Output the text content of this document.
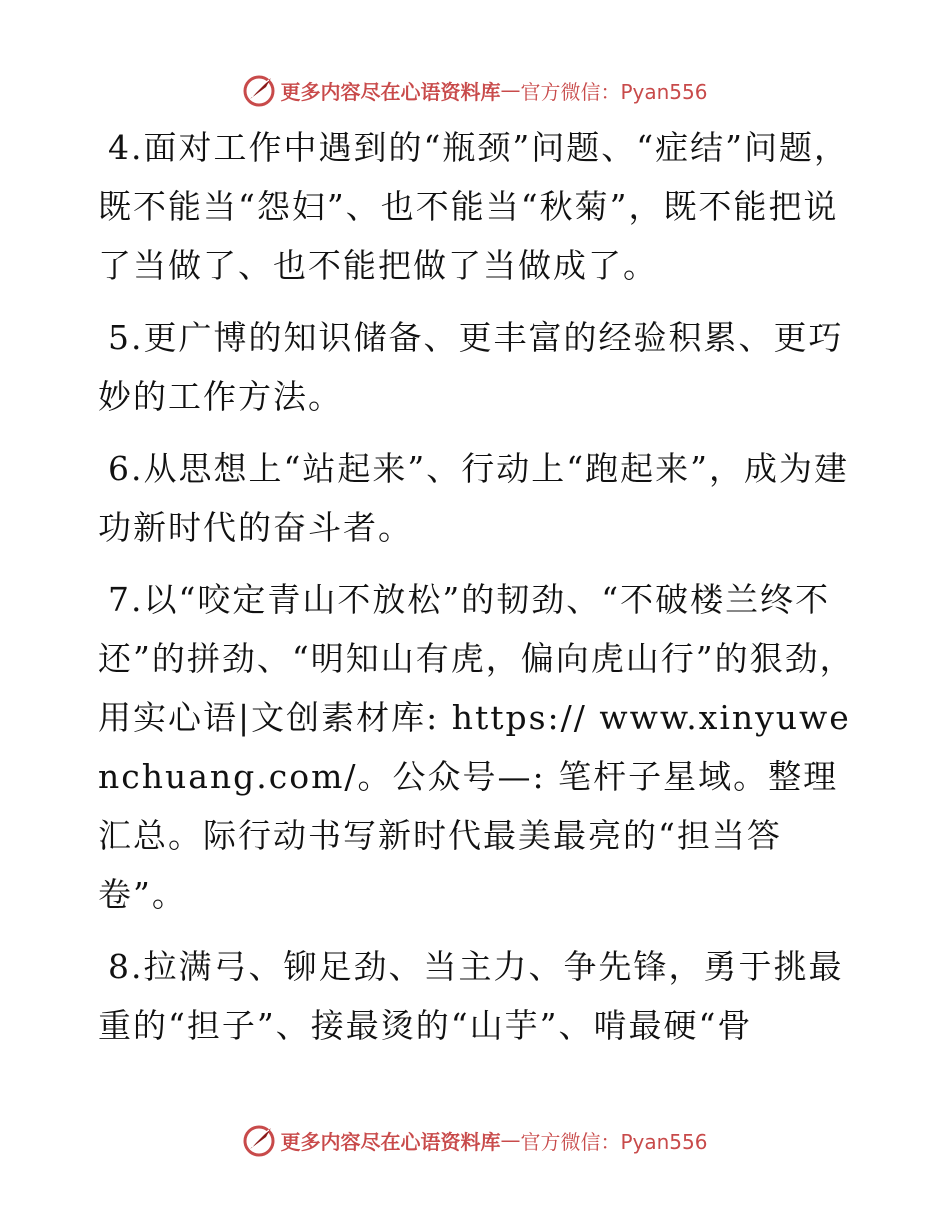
更多内容尽在心语资料库 — 官方微信：Pyan556

4.面对工作中遇到的“瓶颈”问题、“症结”问题，既不能当“怨妇”、也不能当“秋菊”，既不能把说了当做了、也不能把做了当做成了。

5.更广博的知识储备、更丰富的经验积累、更巧妙的工作方法。

6.从思想上“站起来”、行动上“跑起来”，成为建功新时代的奋斗者。

7.以“咬定青山不放松”的韧劲、“不破楼兰终不还”的拼劲、“明知山有虎，偏向虎山行”的狠劲，用实心语|文创素材库: https:// www.xinyuwenchuang.com/。公众号—: 笔杆子星域。整理汇总。际行动书写新时代最美最亮的“担当答卷”。

8.拉满弓、铆足劲、当主力、争先锋，勇于挑最重的“担子”、接最烫的“山芋”、啃最硬“骨

更多内容尽在心语资料库 — 官方微信：Pyan556
